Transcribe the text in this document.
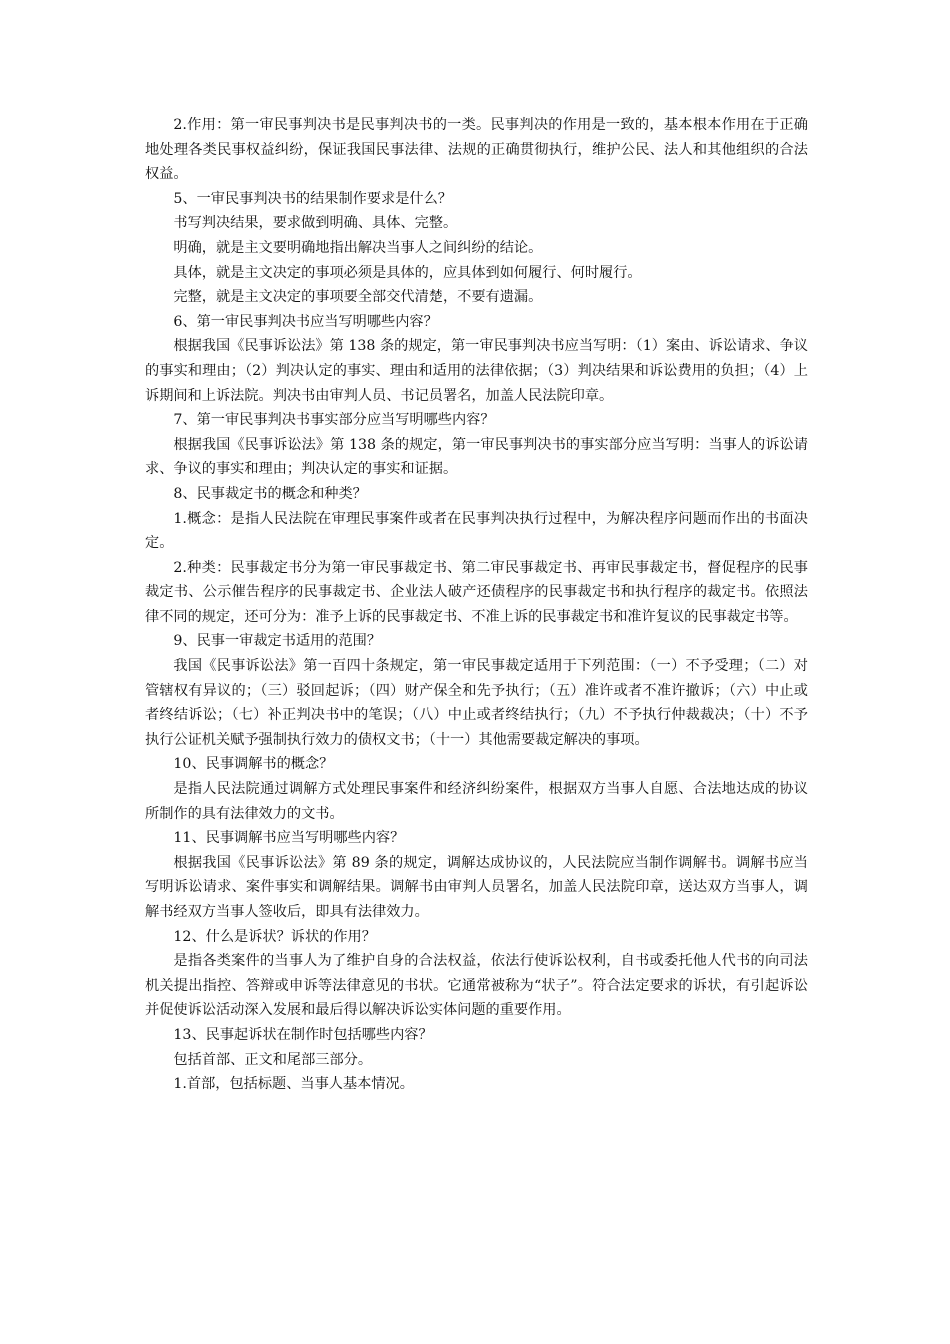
2.作用：第一审民事判决书是民事判决书的一类。民事判决的作用是一致的，基本根本作用在于正确地处理各类民事权益纠纷，保证我国民事法律、法规的正确贯彻执行，维护公民、法人和其他组织的合法权益。

5、一审民事判决书的结果制作要求是什么？

书写判决结果，要求做到明确、具体、完整。

明确，就是主文要明确地指出解决当事人之间纠纷的结论。

具体，就是主文决定的事项必须是具体的，应具体到如何履行、何时履行。

完整，就是主文决定的事项要全部交代清楚，不要有遗漏。

6、第一审民事判决书应当写明哪些内容？

根据我国《民事诉讼法》第 138 条的规定，第一审民事判决书应当写明：（1）案由、诉讼请求、争议的事实和理由；（2）判决认定的事实、理由和适用的法律依据；（3）判决结果和诉讼费用的负担；（4）上诉期间和上诉法院。判决书由审判人员、书记员署名，加盖人民法院印章。

7、第一审民事判决书事实部分应当写明哪些内容？

根据我国《民事诉讼法》第 138 条的规定，第一审民事判决书的事实部分应当写明：当事人的诉讼请求、争议的事实和理由；判决认定的事实和证据。

8、民事裁定书的概念和种类？

1.概念：是指人民法院在审理民事案件或者在民事判决执行过程中，为解决程序问题而作出的书面决定。

2.种类：民事裁定书分为第一审民事裁定书、第二审民事裁定书、再审民事裁定书，督促程序的民事裁定书、公示催告程序的民事裁定书、企业法人破产还债程序的民事裁定书和执行程序的裁定书。依照法律不同的规定，还可分为：准予上诉的民事裁定书、不准上诉的民事裁定书和准许复议的民事裁定书等。

9、民事一审裁定书适用的范围？

我国《民事诉讼法》第一百四十条规定，第一审民事裁定适用于下列范围：（一）不予受理；（二）对管辖权有异议的；（三）驳回起诉；（四）财产保全和先予执行；（五）准许或者不准许撤诉；（六）中止或者终结诉讼；（七）补正判决书中的笔误；（八）中止或者终结执行；（九）不予执行仲裁裁决；（十）不予执行公证机关赋予强制执行效力的债权文书；（十一）其他需要裁定解决的事项。

10、民事调解书的概念？

是指人民法院通过调解方式处理民事案件和经济纠纷案件，根据双方当事人自愿、合法地达成的协议所制作的具有法律效力的文书。

11、民事调解书应当写明哪些内容？

根据我国《民事诉讼法》第 89 条的规定，调解达成协议的，人民法院应当制作调解书。调解书应当写明诉讼请求、案件事实和调解结果。调解书由审判人员署名，加盖人民法院印章，送达双方当事人，调解书经双方当事人签收后，即具有法律效力。

12、什么是诉状？诉状的作用？

是指各类案件的当事人为了维护自身的合法权益，依法行使诉讼权利，自书或委托他人代书的向司法机关提出指控、答辩或申诉等法律意见的书状。它通常被称为“状子”。符合法定要求的诉状，有引起诉讼并促使诉讼活动深入发展和最后得以解决诉讼实体问题的重要作用。

13、民事起诉状在制作时包括哪些内容？

包括首部、正文和尾部三部分。

1.首部，包括标题、当事人基本情况。
